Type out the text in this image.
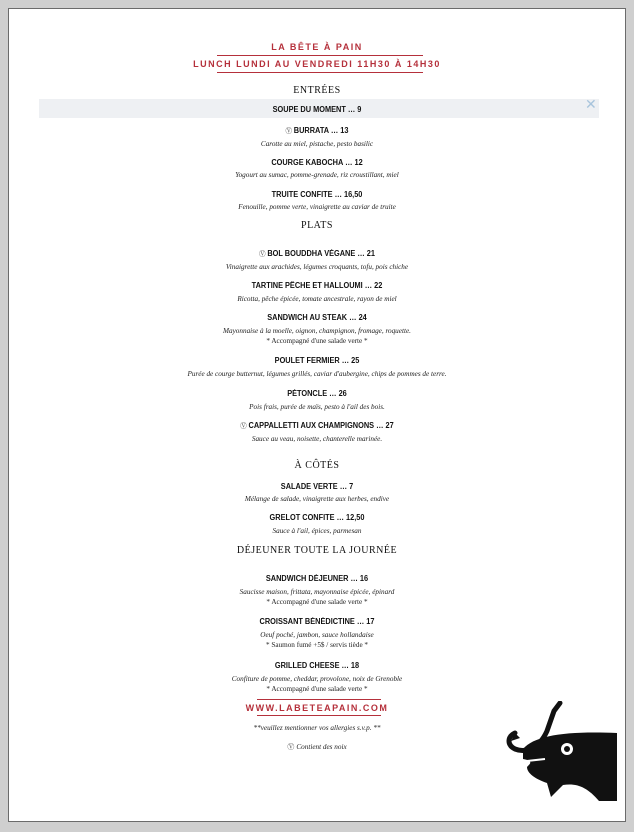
LA BÊTE À PAIN
LUNCH LUNDI AU VENDREDI 11H30 À 14H30
ENTRÉES
✕
SOUPE DU MOMENT … 9
Ⓥ BURRATA … 13
Carotte au miel, pistache, pesto basilic
COURGE KABOCHA … 12
Yogourt au sumac, pomme-grenade, riz croustillant, miel
TRUITE CONFITE … 16,50
Fenouille, pomme verte, vinaigrette au caviar de truite
PLATS
Ⓥ BOL BOUDDHA VÉGANE … 21
Vinaigrette aux arachides, légumes croquants, tofu, pois chiche
TARTINE PÊCHE ET HALLOUMI … 22
Ricotta, pêche épicée, tomate ancestrale, rayon de miel
SANDWICH AU STEAK … 24
Mayonnaise à la moelle, oignon, champignon, fromage, roquette.
* Accompagné d'une salade verte *
POULET FERMIER … 25
Purée de courge butternut, légumes grillés, caviar d'aubergine, chips de pommes de terre.
PÉTONCLE … 26
Pois frais, purée de maïs, pesto à l'ail des bois.
Ⓥ CAPPALLETTI AUX CHAMPIGNONS … 27
Sauce au veau, noisette, chanterelle marinée.
À CÔTÉS
SALADE VERTE … 7
Mélange de salade, vinaigrette aux herbes, endive
GRELOT CONFITE … 12,50
Sauce à l'ail, épices, parmesan
DÉJEUNER TOUTE LA JOURNÉE
SANDWICH DÉJEUNER … 16
Saucisse maison, frittata, mayonnaise épicée, épinard
* Accompagné d'une salade verte *
CROISSANT BÉNÉDICTINE … 17
Oeuf poché, jambon, sauce hollandaise
* Saumon fumé +5$ / servis tiède *
GRILLED CHEESE … 18
Confiture de pomme, cheddar, provolone, noix de Grenoble
* Accompagné d'une salade verte *
WWW.LABETEAPAIN.COM
**veuillez mentionner vos allergies s.v.p. **
Ⓥ Contient des noix
